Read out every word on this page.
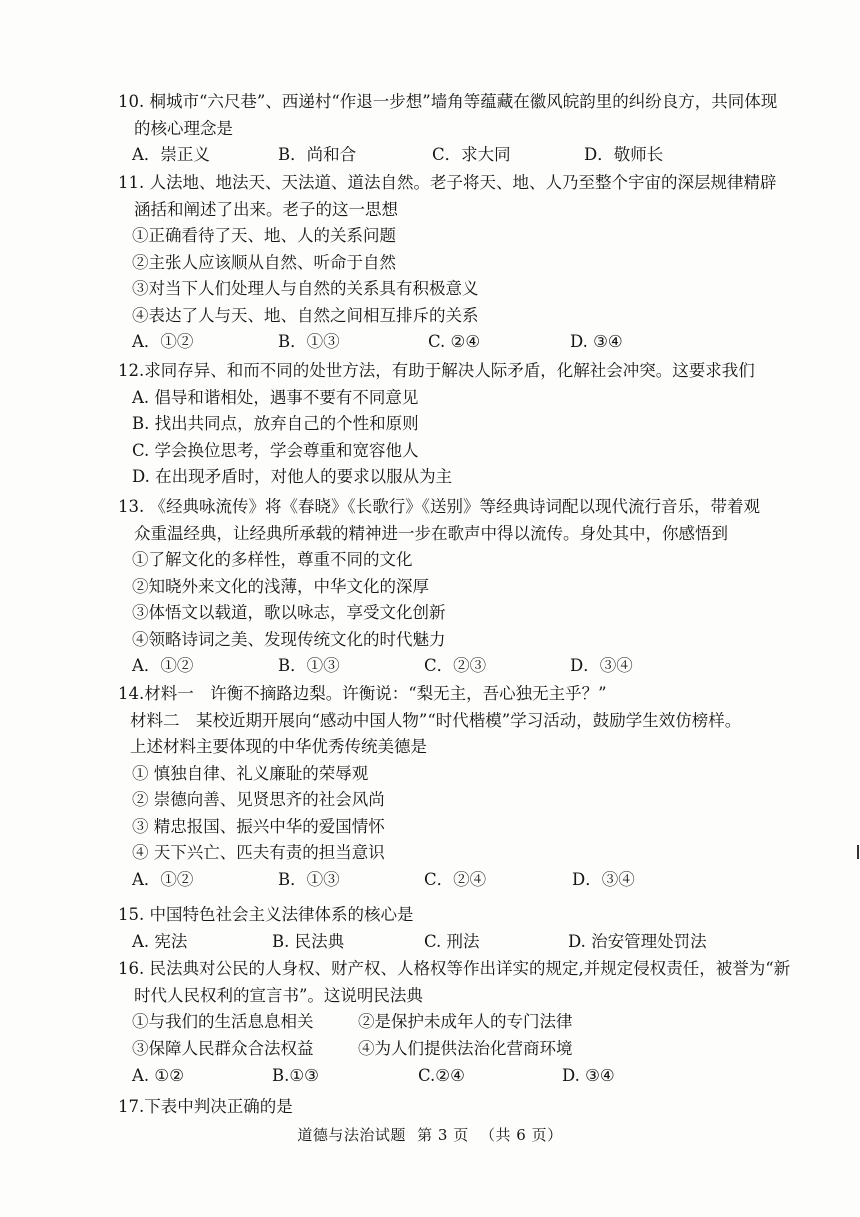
10. 桐城市“六尺巷”、西递村“作退一步想”墙角等蕴藏在徽风皖韵里的纠纷良方，共同体现
的核心理念是
A．崇正义	B．尚和合	C．求大同	D．敬师长
11. 人法地、地法天、天法道、道法自然。老子将天、地、人乃至整个宇宙的深层规律精辟
涵括和阐述了出来。老子的这一思想
①正确看待了天、地、人的关系问题
②主张人应该顺从自然、听命于自然
③对当下人们处理人与自然的关系具有积极意义
④表达了人与天、地、自然之间相互排斥的关系
A．①②	B．①③	C. ②④	D. ③④
12.求同存异、和而不同的处世方法，有助于解决人际矛盾，化解社会冲突。这要求我们
A. 倡导和谐相处，遇事不要有不同意见
B. 找出共同点，放弃自己的个性和原则
C. 学会换位思考，学会尊重和宽容他人
D. 在出现矛盾时，对他人的要求以服从为主
13. 《经典咏流传》将《春晓》《长歌行》《送别》等经典诗词配以现代流行音乐，带着观
众重温经典，让经典所承载的精神进一步在歌声中得以流传。身处其中，你感悟到
①了解文化的多样性，尊重不同的文化
②知晓外来文化的浅薄，中华文化的深厚
③体悟文以载道，歌以咏志，享受文化创新
④领略诗词之美、发现传统文化的时代魅力
A．①②	B．①③	C．②③	D．③④
14.材料一　许衡不摘路边梨。许衡说：“梨无主，吾心独无主乎？”
材料二　某校近期开展向“感动中国人物”“时代楷模”学习活动，鼓励学生效仿榜样。
上述材料主要体现的中华优秀传统美德是
① 慎独自律、礼义廉耻的荣辱观
② 崇德向善、见贤思齐的社会风尚
③ 精忠报国、振兴中华的爱国情怀
④ 天下兴亡、匹夫有责的担当意识
A．①②	B．①③	C．②④	D．③④
15. 中国特色社会主义法律体系的核心是
A. 宪法	B. 民法典	C. 刑法	D. 治安管理处罚法
16. 民法典对公民的人身权、财产权、人格权等作出详实的规定,并规定侵权责任，被誉为“新
时代人民权利的宣言书”。这说明民法典
①与我们的生活息息相关	②是保护未成年人的专门法律
③保障人民群众合法权益	④为人们提供法治化营商环境
A. ①②	B.①③	C.②④	D. ③④
17.下表中判决正确的是
道德与法治试题 第 3 页 （共 6 页）
